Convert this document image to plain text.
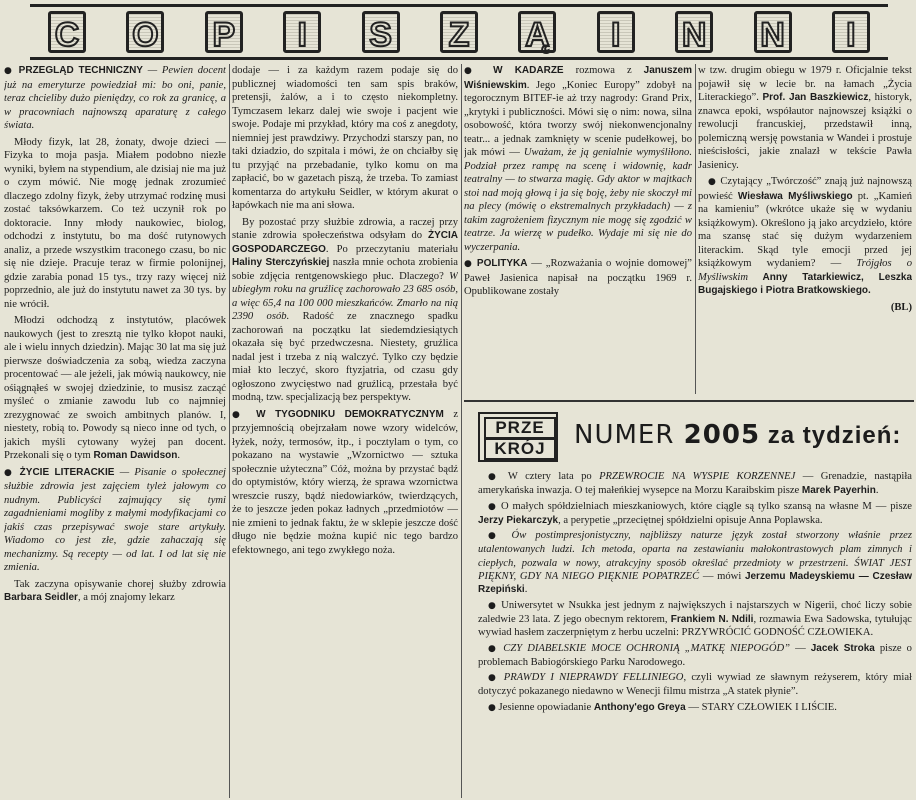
C O P	I	S Z Ą	I	N N	I

● PRZEGLĄD TECHNICZNY — Pewien docent już na emeryturze powiedział mi: bo oni, panie, teraz chcieliby dużo pieniędzy, co rok za granicę, a w pracowniach najnowszą aparaturę z całego świata.

Młody fizyk, lat 28, żonaty, dwoje dzieci — Fizyka to moja pasja. Miałem podobno niezłe wyniki, byłem na stypendium, ale dzisiaj nie ma już o czym mówić. Nie mogę jednak zrozumieć dlaczego zdolny fizyk, żeby utrzymać rodzinę musi zostać taksówkarzem. Co też uczynił rok po doktoracie. Inny młody naukowiec, biolog, odchodzi z instytutu, bo ma dość rutynowych analiz, a przede wszystkim traconego czasu, bo nic się nie dzieje. Pracuje teraz w firmie polonijnej, gdzie zarabia ponad 15 tys., trzy razy więcej niż poprzednio, ale już do instytutu nawet za 30 tys. by nie wrócił.

Młodzi odchodzą z instytutów, placówek naukowych (jest to zresztą nie tylko kłopot nauki, ale i wielu innych dziedzin). Mając 30 lat ma się już pierwsze doświadczenia za sobą, wiedza zaczyna procentować — ale jeżeli, jak mówią naukowcy, nie ośiągnąłeś w swojej dziedzinie, to musisz zacząć myśleć o zmianie zawodu lub co najmniej zrezygnować ze swoich ambitnych planów. I, niestety, robią to. Powody są nieco inne od tych, o jakich myśli cytowany wyżej pan docent. Przekonali się o tym Roman Dawidson.

● ŻYCIE LITERACKIE — Pisanie o społecznej służbie zdrowia jest zajęciem tyleż jałowym co nudnym. Publicyści zajmujący się tymi zagadnieniami mogliby z małymi modyfikacjami co jakiś czas przepisywać swoje stare artykuły. Wiadomo co jest złe, gdzie zahaczają się mechanizmy. Są recepty — od lat. I od lat się nie zmienia.

Tak zaczyna opisywanie chorej służby zdrowia Barbara Seidler, a mój znajomy lekarz

dodaje — i za każdym razem podaje się do publicznej wiadomości ten sam spis braków, pretensji, żalów, a i to często niekompletny. Tymczasem lekarz dalej wie swoje i pacjent wie swoje. Podaje mi przykład, który ma coś z anegdoty, niemniej jest prawdziwy. Przychodzi starszy pan, no taki dziadzio, do szpitala i mówi, że on chciałby się tu przyjąć na przebadanie, tylko komu on ma zapłacić, bo w gazetach piszą, że trzeba. To zamiast komentarza do artykułu Seidler, w którym akurat o łapówkach nie ma ani słowa.

By pozostać przy służbie zdrowia, a raczej przy stanie zdrowia społeczeństwa odsyłam do ŻYCIA GOSPODARCZEGO. Po przeczytaniu materiału Haliny Sterczyńskiej naszła mnie ochota zrobienia sobie zdjęcia rentgenowskiego płuc. Dlaczego? W ubiegłym roku na gruźlicę zachorowało 23 685 osób, a więc 65,4 na 100 000 mieszkańców. Zmarło na nią 2390 osób. Radość ze znacznego spadku zachorowań na początku lat siedemdziesiątych okazała się być przedwczesna. Niestety, gruźlica nadal jest i trzeba z nią walczyć. Tylko czy będzie miał kto leczyć, skoro ftyzjatria, od czasu gdy ogłoszono zwycięstwo nad gruźlicą, przestała być modną, tzw. specjalizacją bez perspektyw.

● W TYGODNIKU DEMOKRATYCZNYM z przyjemnością obejrzałam nowe wzory widelców, łyżek, noży, termosów, itp., i pocztylam o tym, co pokazano na wystawie „Wzornictwo — sztuka społecznie użyteczna” Cóż, można by przystać bądź do optymistów, który wierzą, że sprawa wzornictwa wreszcie ruszy, bądź niedowiarków, twierdzących, że to jeszcze jeden pokaz ładnych „przedmiotów — nie zmieni to jednak faktu, że w sklepie jeszcze dość długo nie będzie można kupić nic tego bardzo efektownego, ani tego zwykłego noża.

● W KADARZE rozmowa z Januszem Wiśniewskim. Jego „Koniec Europy” zdobył na tegorocznym BITEF-ie aż trzy nagrody: Grand Prix, „krytyki i publiczności. Mówi się o nim: nowa, silna osobowość, która tworzy swój niekonwencjonalny teatr... a jednak zamknięty w scenie pudełkowej, bo jak mówi — Uważam, że ją genialnie wymyśliłono. Podział przez rampę na scenę i widownię, kadr teatralny — to stwarza magię. Gdy aktor w majtkach stoi nad moją głową i ja się boję, żeby nie skoczył mi na plecy (mówię o ekstremalnych przykładach) — z takim zagrożeniem fizycznym nie mogę się zgodzić w teatrze. Ja wierzę w pudełko. Wydaje mi się nie do wyczerpania.

● POLITYKA — „Rozważania o wojnie domowej” Paweł Jasienica napisał na początku 1969 r. Opublikowane zostały

w tzw. drugim obiegu w 1979 r. Oficjalnie tekst pojawił się w lecie br. na łamach „Życia Literackiego”. Prof. Jan Baszkiewicz, historyk, znawca epoki, współautor najnowszej książki o rewolucji francuskiej, przedstawił inną, polemiczną wersję powstania w Wandei i prostuje nieścisłości, jakie znalazł w tekście Pawła Jasienicy.

● Czytający „Twórczość” znają już najnowszą powieść Wiesława Myśliwskiego pt. „Kamień na kamieniu” (wkrótce ukaże się w wydaniu książkowym). Określono ją jako arcydzieło, które ma szansę stać się dużym wydarzeniem literackim. Skąd tyle emocji przed jej książkowym wydaniem? — Trójgłos o Myśliwskim Anny Tatarkiewicz, Leszka Bugajskiego i Piotra Bratkowskiego.

(BL)

PRZE
KRÓJ	NUMER 2005 za tydzień:

● W cztery lata po PRZEWROCIE NA WYSPIE KORZENNEJ — Grenadzie, nastąpiła amerykańska inwazja. O tej małeńkiej wysepce na Morzu Karaibskim pisze Marek Payerhin.

● O małych spółdzielniach mieszkaniowych, które ciągle są tylko szansą na własne M — pisze Jerzy Piekarczyk, a perypetie „przeciętnej spółdzielni opisuje Anna Poplawska.

● Ów postimpresjonistyczny, najbliższy naturze język został stworzony właśnie przez utalentowanych ludzi. Ich metoda, oparta na zestawianiu małokontrastowych plam zimnych i ciepłych, pozwala w nowy, atrakcyjny sposób określać przedmioty w przestrzeni. ŚWIAT JEST PIĘKNY, GDY NA NIEGO PIĘKNIE POPATRZEĆ — mówi Jerzemu Madeyskiemu — Czesław Rzepiński.

● Uniwersytet w Nsukka jest jednym z największych i najstarszych w Nigerii, choć liczy sobie zaledwie 23 lata. Z jego obecnym rektorem, Frankiem N. Ndili, rozmawia Ewa Sadowska, tytułując wywiad hasłem zaczerpniętym z herbu uczelni: PRZYWRÓCIĆ GODNOŚĆ CZŁOWIEKA.

● CZY DIABELSKIE MOCE OCHRONIĄ „MATKĘ NIEPOGÓD” — Jacek Stroka pisze o problemach Babiogórskiego Parku Narodowego.

● PRAWDY I NIEPRAWDY FELLINIEGO, czyli wywiad ze sławnym reżyserem, który miał dotyczyć pokazanego niedawno w Wenecji filmu mistrza „A statek płynie”.

● Jesienne opowiadanie Anthony'ego Greya — STARY CZŁOWIEK I LIŚCIE.
